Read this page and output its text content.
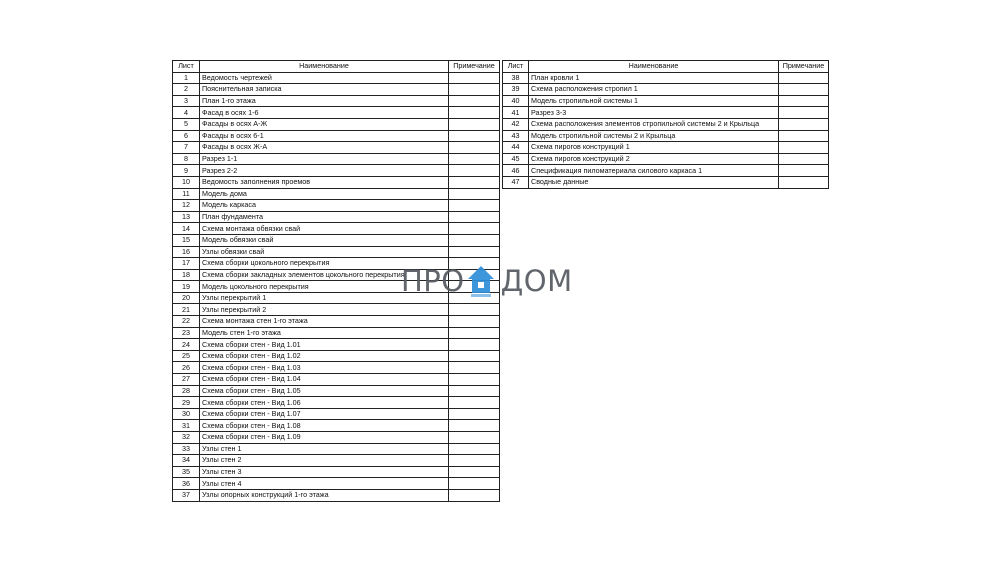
Лист	Наименование	Примечание
1	Ведомость чертежей	
2	Пояснительная записка	
3	План 1-го этажа	
4	Фасад в осях 1-6	
5	Фасады в осях А-Ж	
6	Фасады в осях 6-1	
7	Фасады в осях Ж-А	
8	Разрез 1-1	
9	Разрез 2-2	
10	Ведомость заполнения проемов	
11	Модель дома	
12	Модель каркаса	
13	План фундамента	
14	Схема монтажа обвязки свай	
15	Модель обвязки свай	
16	Узлы обвязки свай	
17	Схема сборки цокольного перекрытия	
18	Схема сборки закладных элементов цокольного перекрытия	
19	Модель цокольного перекрытия	
20	Узлы перекрытий 1	
21	Узлы перекрытий 2	
22	Схема монтажа стен 1-го этажа	
23	Модель стен 1-го этажа	
24	Схема сборки стен - Вид 1.01	
25	Схема сборки стен - Вид 1.02	
26	Схема сборки стен - Вид 1.03	
27	Схема сборки стен - Вид 1.04	
28	Схема сборки стен - Вид 1.05	
29	Схема сборки стен - Вид 1.06	
30	Схема сборки стен - Вид 1.07	
31	Схема сборки стен - Вид 1.08	
32	Схема сборки стен - Вид 1.09	
33	Узлы стен 1	
34	Узлы стен 2	
35	Узлы стен 3	
36	Узлы стен 4	
37	Узлы опорных конструкций 1-го этажа	
Лист	Наименование	Примечание
38	План кровли 1	
39	Схема расположения стропил 1	
40	Модель стропильной системы 1	
41	Разрез 3-3	
42	Схема расположения элементов стропильной системы 2 и Крыльца	
43	Модель стропильной системы 2 и Крыльца	
44	Схема пирогов конструкций 1	
45	Схема пирогов конструкций 2	
46	Спецификация пиломатериала силового каркаса 1	
47	Сводные данные	
ПРО ДОМ
